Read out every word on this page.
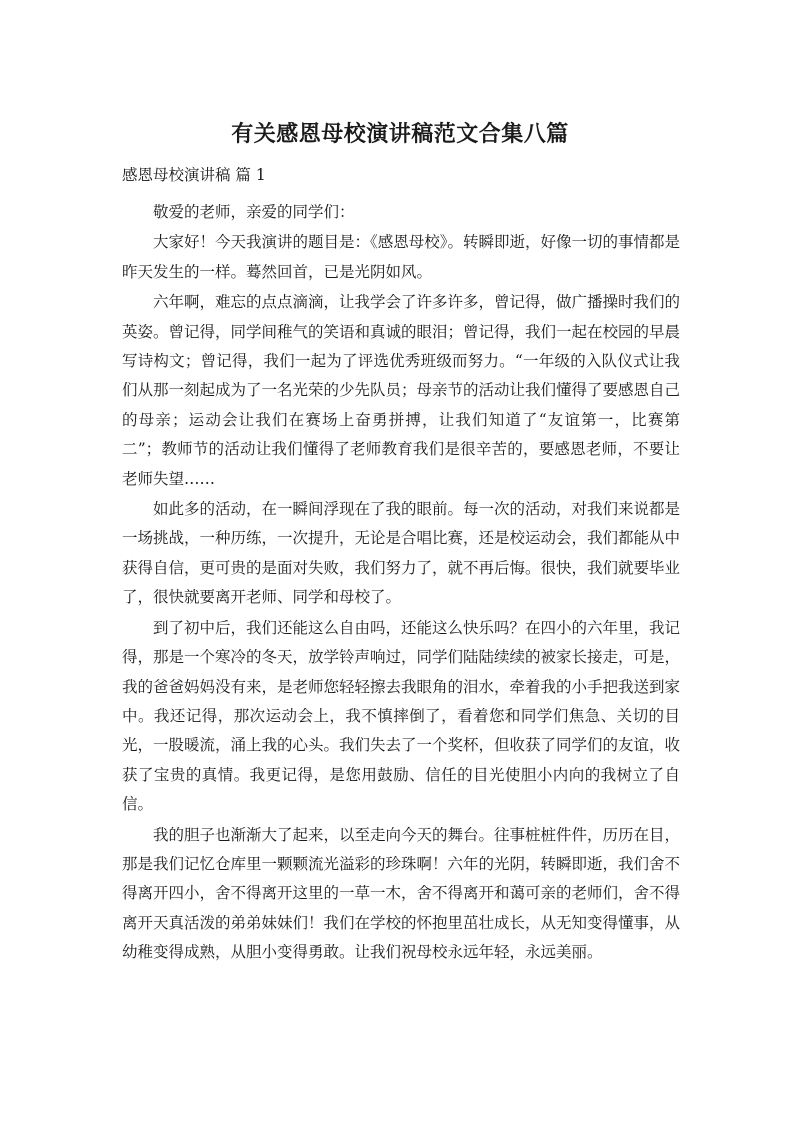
有关感恩母校演讲稿范文合集八篇

感恩母校演讲稿 篇 1

敬爱的老师，亲爱的同学们：

大家好！今天我演讲的题目是：《感恩母校》。转瞬即逝，好像一切的事情都是昨天发生的一样。蓦然回首，已是光阴如风。

六年啊，难忘的点点滴滴，让我学会了许多许多，曾记得，做广播操时我们的英姿。曾记得，同学间稚气的笑语和真诚的眼泪；曾记得，我们一起在校园的早晨写诗构文；曾记得，我们一起为了评选优秀班级而努力。“一年级的入队仪式让我们从那一刻起成为了一名光荣的少先队员；母亲节的活动让我们懂得了要感恩自己的母亲；运动会让我们在赛场上奋勇拼搏，让我们知道了“友谊第一，比赛第二”；教师节的活动让我们懂得了老师教育我们是很辛苦的，要感恩老师，不要让老师失望……

如此多的活动，在一瞬间浮现在了我的眼前。每一次的活动，对我们来说都是一场挑战，一种历练，一次提升，无论是合唱比赛，还是校运动会，我们都能从中获得自信，更可贵的是面对失败，我们努力了，就不再后悔。很快，我们就要毕业了，很快就要离开老师、同学和母校了。

到了初中后，我们还能这么自由吗，还能这么快乐吗？在四小的六年里，我记得，那是一个寒冷的冬天，放学铃声响过，同学们陆陆续续的被家长接走，可是，我的爸爸妈妈没有来，是老师您轻轻擦去我眼角的泪水，牵着我的小手把我送到家中。我还记得，那次运动会上，我不慎摔倒了，看着您和同学们焦急、关切的目光，一股暖流，涌上我的心头。我们失去了一个奖杯，但收获了同学们的友谊，收获了宝贵的真情。我更记得，是您用鼓励、信任的目光使胆小内向的我树立了自信。

我的胆子也渐渐大了起来，以至走向今天的舞台。往事桩桩件件，历历在目，那是我们记忆仓库里一颗颗流光溢彩的珍珠啊！六年的光阴，转瞬即逝，我们舍不得离开四小，舍不得离开这里的一草一木，舍不得离开和蔼可亲的老师们，舍不得离开天真活泼的弟弟妹妹们！我们在学校的怀抱里茁壮成长，从无知变得懂事，从幼稚变得成熟，从胆小变得勇敢。让我们祝母校永远年轻，永远美丽。
